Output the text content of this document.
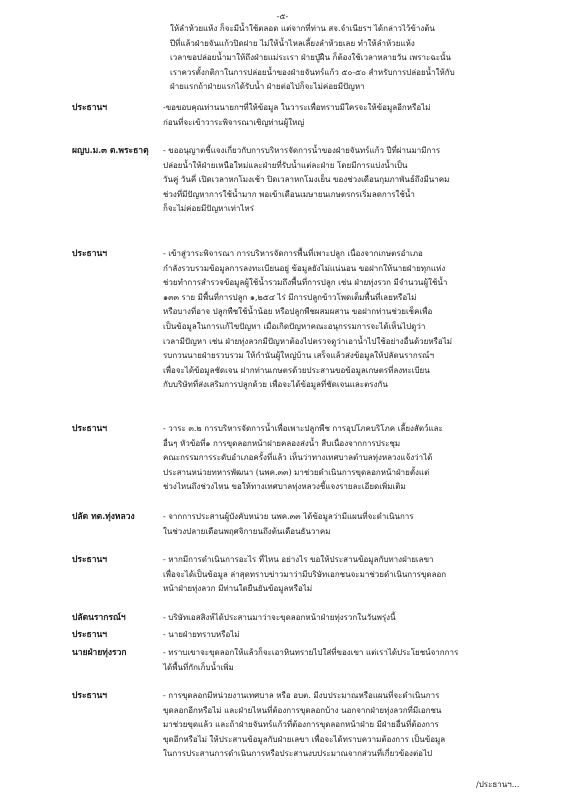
-๕-

ให้ลำห้วยแห้ง ก็จะมีน้ำใช้ตลอด แต่จากที่ท่าน สจ.จำเนียรฯ ได้กล่าวไว้ข้างต้น

ปีที่แล้วฝ่ายจันแก้วปิดฝาย ไม่ให้น้ำไหลเลี้ยงลำห้วยเลย ทำให้ลำห้วยแห้ง

เวลาขอปล่อยน้ำมาให้ถึงฝ่ายแม่ระเรา ฝ่ายปู่ฝืน ก็ต้องใช้เวลาหลายวัน เพราะฉะนั้น

เราควรตั้งกติกาในการปล่อยน้ำของฝ่ายจันทร์แก้ว ๕๐-๕๐ สำหรับการปล่อยน้ำให้กับ

ฝ่ายแรกถ้าฝ่ายแรกได้รับน้ำ ฝ่ายต่อไปก็จะไม่ค่อยมีปัญหา

ประธานฯ	-ขอขอบคุณท่านนายกฯที่ให้ข้อมูล ในวาระเพื่อทราบมีใครจะให้ข้อมูลอีกหรือไม่

ก่อนที่จะเข้าวาระพิจารณาเชิญท่านผู้ใหญ่

ผญบ.ม.๓ ต.พระธาตุ - ขออนุญาตชี้แจงเกี่ยวกับการบริหารจัดการน้ำของฝ่ายจันทร์แก้ว ปีที่ผ่านมามีการ

ปล่อยน้ำให้ฝ่ายเหนือใหม่และฝ่ายที่รับน้ำแต่ละฝ่าย โดยมีการแบ่งน้ำเป็น

วันคู่ วันคี่ เปิดเวลาหกโมงเช้า ปิดเวลาหกโมงเย็น ของช่วงเดือนกุมภาพันธ์ถึงมีนาคม

ช่วงที่มีปัญหาการใช้น้ำมาก พอเข้าเดือนเมษายนเกษตรกรเริ่มลดการใช้น้ำ

ก็จะไม่ค่อยมีปัญหาเท่าไหร่

ประธานฯ	- เข้าสู่วาระพิจารณา การบริหารจัดการพื้นที่เพาะปลูก เนื่องจากเกษตรอำเภอ

กำลังรวบรวมข้อมูลการลงทะเบียนอยู่ ข้อมูลยังไม่แน่นอน ขอฝากให้นายฝ่ายทุกแห่ง

ช่วยทำการสำรวจข้อมูลผู้ใช้น้ำรวมถึงพื้นที่การปลูก เช่น ฝ่ายทุ่งรวก มีจำนวนผู้ใช้น้ำ

๑๓๓ ราย มีพื้นที่การปลูก ๑,๒๕๔ ไร่ มีการปลูกข้าวโพดเต็มพื้นที่เลยหรือไม่

หรือบางที่อาจ ปลูกพืชใช้น้ำน้อย หรือปลูกพืชผสมผสาน ขอฝากท่านช่วยเช็คเพื่อ

เป็นข้อมูลในการแก้ไขปัญหา เมื่อเกิดปัญหาคณะอนุกรรมการจะได้เห็นไปดูว่า

เวลามีปัญหา เช่น ฝ่ายทุ่งลวกมีปัญหาต้องไปตรวจดูว่าเอาน้ำไปใช้อย่างอื่นด้วยหรือไม่

รบกวนนายฝ่ายรวบรวม ให้กำนันผู้ใหญ่บ้าน เสร็จแล้วส่งข้อมูลให้ปลัดนรากรณ์ฯ

เพื่อจะได้ข้อมูลชัดเจน ฝากท่านเกษตรด้วยประสานขอข้อมูลเกษตรที่ลงทะเบียน

กับบริษัทที่ส่งเสริมการปลูกด้วย เพื่อจะได้ข้อมูลที่ชัดเจนและตรงกัน

ประธานฯ	- วาระ ๓.๒ การบริหารจัดการน้ำเพื่อเพาะปลูกพืช การอุปโภคบริโภค เลี้ยงสัตว์และ

อื่นๆ หัวข้อที่๑ การขุดลอกหน้าฝายคลองส่งน้ำ สืบเนื่องจากการประชุม

คณะกรรมการระดับอำเภอครั้งที่แล้ว เห็นว่าทางเทศบาลตำบลทุ่งหลวงแจ้งว่าได้

ประสานหน่วยทหารพัฒนา (นพค.๓๓) มาช่วยดำเนินการขุดลอกหน้าฝ่ายตั้งแต่

ช่วงไหนถึงช่วงไหน ขอให้ทางเทศบาลทุ่งหลวงชี้แจงรายละเอียดเพิ่มเติม

ปลัด ทต.ทุ่งหลวง	- จากการประสานผู้บังคับหน่วย นพค.๓๓ ได้ข้อมูลว่ามีแผนที่จะดำเนินการ

ในช่วงปลายเดือนพฤศจิกายนถึงต้นเดือนธันวาคม

ประธานฯ	- หากมีการดำเนินการอะไร ที่ไหน อย่างไร ขอให้ประสานข้อมูลกับทางฝ่ายเลขา

เพื่อจะได้เป็นข้อมูล ล่าสุดทราบข่าวมาว่ามีบริษัทเอกชนจะมาช่วยดำเนินการขุดลอก

หน้าฝ่ายทุ่งลวก มีท่านใดยืนยันข้อมูลหรือไม่

ปลัดนรากรณ์ฯ	- บริษัทเอสสิงห์ได้ประสานมาว่าจะขุดลอกหน้าฝ่ายทุ่งรวกในวันพรุ่งนี้

ประธานฯ	- นายฝ่ายทราบหรือไม่

นายฝ่ายทุ่งรวก	- ทราบเขาจะขุดลอกให้แล้วก็จะเอาหินทรายไปใส่ที่ของเขา แต่เราได้ประโยชน์จากการ

ได้พื้นที่กักเก็บน้ำเพิ่ม

ประธานฯ	- การขุดลอกมีหน่วยงานเทศบาล หรือ อบต. มีงบประมาณหรือแผนที่จะดำเนินการ

ขุดลอกอีกหรือไม่ และฝ่ายไหนที่ต้องการขุดลอกบ้าง นอกจากฝ่ายทุ่งลวกที่มีเอกชน

มาช่วยขุดแล้ว และถ้าฝ่ายจันทร์แก้วที่ต้องการขุดลอกหน้าฝ่าย มีฝ่ายอื่นที่ต้องการ

ขุดอีกหรือไม่ ให้ประสานข้อมูลกับฝ่ายเลขา เพื่อจะได้ทราบความต้องการ เป็นข้อมูล

ในการประสานการดำเนินการหรือประสานงบประมาณจากส่วนที่เกี่ยวข้องต่อไป

/ประธานฯ...
